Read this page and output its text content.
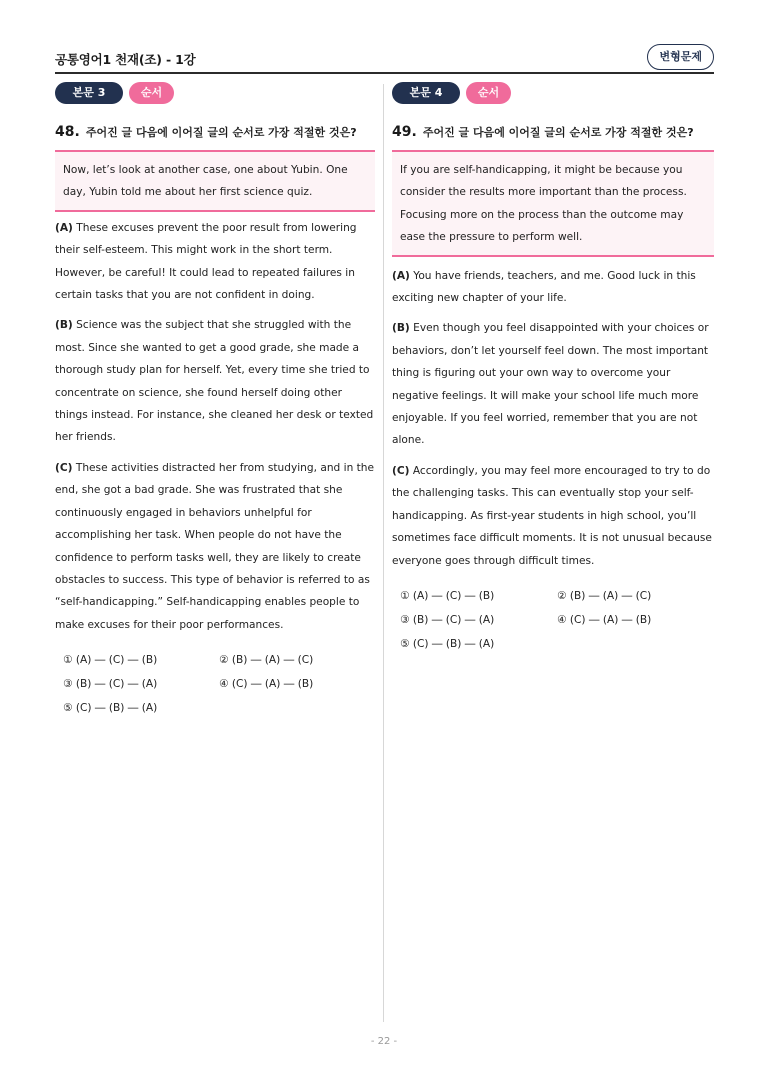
공통영어1 천재(조) - 1강	변형문제
본문 3	순서
48. 주어진 글 다음에 이어질 글의 순서로 가장 적절한 것은?
Now, let’s look at another case, one about Yubin. One day, Yubin told me about her first science quiz.
(A) These excuses prevent the poor result from lowering their self-esteem. This might work in the short term. However, be careful! It could lead to repeated failures in certain tasks that you are not confident in doing.
(B) Science was the subject that she struggled with the most. Since she wanted to get a good grade, she made a thorough study plan for herself. Yet, every time she tried to concentrate on science, she found herself doing other things instead. For instance, she cleaned her desk or texted her friends.
(C) These activities distracted her from studying, and in the end, she got a bad grade. She was frustrated that she continuously engaged in behaviors unhelpful for accomplishing her task. When people do not have the confidence to perform tasks well, they are likely to create obstacles to success. This type of behavior is referred to as “self-handicapping.” Self-handicapping enables people to make excuses for their poor performances.
① (A) ― (C) ― (B)	② (B) ― (A) ― (C)
③ (B) ― (C) ― (A)	④ (C) ― (A) ― (B)
⑤ (C) ― (B) ― (A)
본문 4	순서
49. 주어진 글 다음에 이어질 글의 순서로 가장 적절한 것은?
If you are self-handicapping, it might be because you consider the results more important than the process. Focusing more on the process than the outcome may ease the pressure to perform well.
(A) You have friends, teachers, and me. Good luck in this exciting new chapter of your life.
(B) Even though you feel disappointed with your choices or behaviors, don’t let yourself feel down. The most important thing is figuring out your own way to overcome your negative feelings. It will make your school life much more enjoyable. If you feel worried, remember that you are not alone.
(C) Accordingly, you may feel more encouraged to try to do the challenging tasks. This can eventually stop your self-handicapping. As first-year students in high school, you’ll sometimes face difficult moments. It is not unusual because everyone goes through difficult times.
① (A) ― (C) ― (B)	② (B) ― (A) ― (C)
③ (B) ― (C) ― (A)	④ (C) ― (A) ― (B)
⑤ (C) ― (B) ― (A)
- 22 -
